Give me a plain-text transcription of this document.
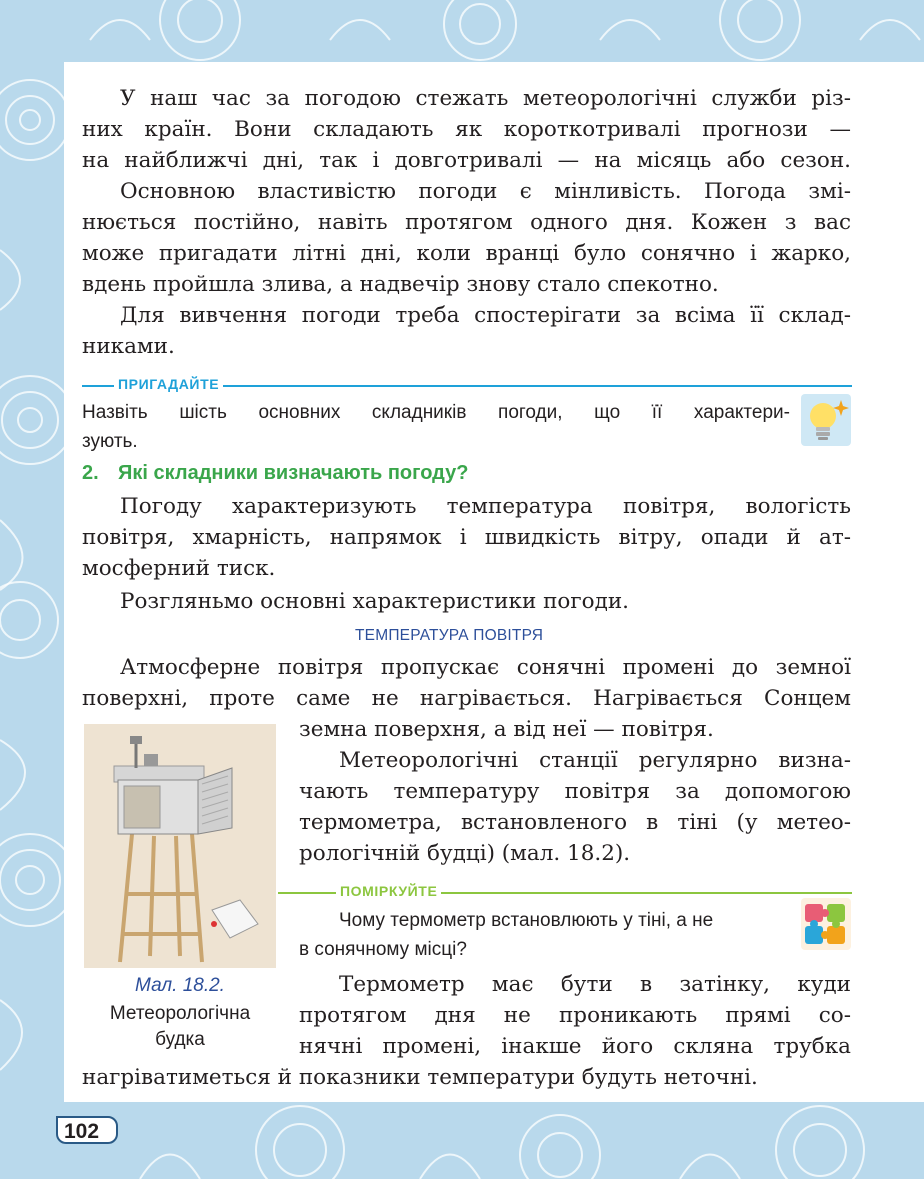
У наш час за погодою стежать метеорологічні служби різ-
них країн. Вони складають як короткотривалі прогнози —
на найближчі дні, так і довготривалі — на місяць або сезон.
Основною властивістю погоди є мінливість. Погода змі-
нюється постійно, навіть протягом одного дня. Кожен з вас
може пригадати літні дні, коли вранці було сонячно і жарко,
вдень пройшла злива, а надвечір знову стало спекотно.
Для вивчення погоди треба спостерігати за всіма її склад-
никами.
ПРИГАДАЙТЕ
Назвіть шість основних складників погоди, що її характери-
зують.
2. Які складники визначають погоду?
Погоду характеризують температура повітря, вологість
повітря, хмарність, напрямок і швидкість вітру, опади й ат-
мосферний тиск.
Розгляньмо основні характеристики погоди.
ТЕМПЕРАТУРА ПОВІТРЯ
Атмосферне повітря пропускає сонячні промені до земної
поверхні, проте саме не нагрівається. Нагрівається Сонцем
земна поверхня, а від неї — повітря.
Метеорологічні станції регулярно визна-
чають температуру повітря за допомогою
термометра, встановленого в тіні (у метео-
рологічній будці) (мал. 18.2).
Мал. 18.2.
Метеорологічна
будка
ПОМІРКУЙТЕ
Чому термометр встановлюють у тіні, а не
в сонячному місці?
Термометр має бути в затінку, куди
протягом дня не проникають прямі со-
нячні промені, інакше його скляна трубка
нагріватиметься й показники температури будуть неточні.
102
